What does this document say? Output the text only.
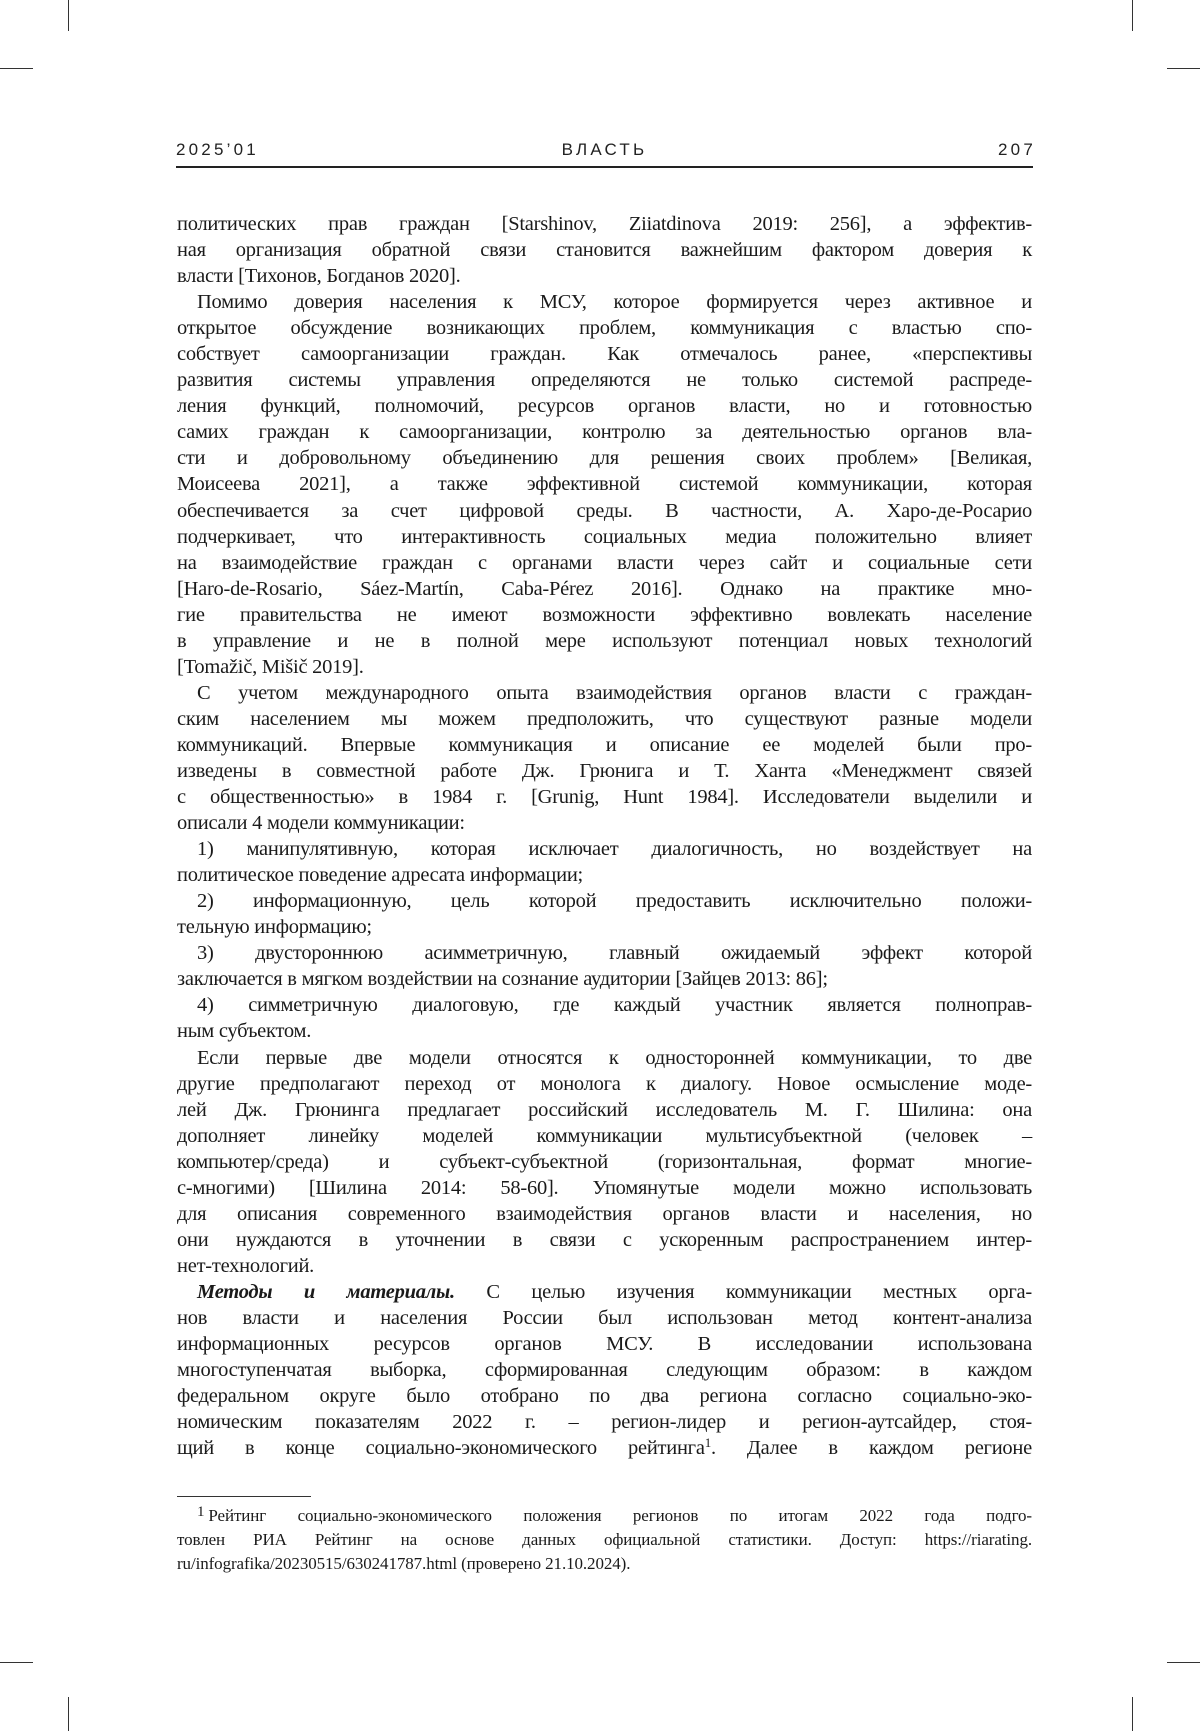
2025’01	ВЛАСТЬ	207
политических прав граждан [Starshinov, Ziiatdinova 2019: 256], а эффектив-
ная организация обратной связи становится важнейшим фактором доверия к
власти [Тихонов, Богданов 2020].
Помимо доверия населения к МСУ, которое формируется через активное и
открытое обсуждение возникающих проблем, коммуникация с властью спо-
собствует самоорганизации граждан. Как отмечалось ранее, «перспективы
развития системы управления определяются не только системой распреде-
ления функций, полномочий, ресурсов органов власти, но и готовностью
самих граждан к самоорганизации, контролю за деятельностью органов вла-
сти и добровольному объединению для решения своих проблем» [Великая,
Моисеева 2021], а также эффективной системой коммуникации, которая
обеспечивается за счет цифровой среды. В частности, А. Харо-де-Росарио
подчеркивает, что интерактивность социальных медиа положительно влияет
на взаимодействие граждан с органами власти через сайт и социальные сети
[Haro-de-Rosario, Sáez-Martín, Caba-Pérez 2016]. Однако на практике мно-
гие правительства не имеют возможности эффективно вовлекать население
в управление и не в полной мере используют потенциал новых технологий
[Tomažič, Mišič 2019].
С учетом международного опыта взаимодействия органов власти с граждан-
ским населением мы можем предположить, что существуют разные модели
коммуникаций. Впервые коммуникация и описание ее моделей были про-
изведены в совместной работе Дж. Грюнига и Т. Ханта «Менеджмент связей
с общественностью» в 1984 г. [Grunig, Hunt 1984]. Исследователи выделили и
описали 4 модели коммуникации:
1) манипулятивную, которая исключает диалогичность, но воздействует на
политическое поведение адресата информации;
2) информационную, цель которой предоставить исключительно положи-
тельную информацию;
3) двустороннюю асимметричную, главный ожидаемый эффект которой
заключается в мягком воздействии на сознание аудитории [Зайцев 2013: 86];
4) симметричную диалоговую, где каждый участник является полноправ-
ным субъектом.
Если первые две модели относятся к односторонней коммуникации, то две
другие предполагают переход от монолога к диалогу. Новое осмысление моде-
лей Дж. Грюнинга предлагает российский исследователь М. Г. Шилина: она
дополняет линейку моделей коммуникации мультисубъектной (человек –
компьютер/среда) и субъект-субъектной (горизонтальная, формат многие-
с-многими) [Шилина 2014: 58-60]. Упомянутые модели можно использовать
для описания современного взаимодействия органов власти и населения, но
они нуждаются в уточнении в связи с ускоренным распространением интер-
нет-технологий.
Методы и материалы. С целью изучения коммуникации местных орга-
нов власти и населения России был использован метод контент-анализа
информационных ресурсов органов МСУ. В исследовании использована
многоступенчатая выборка, сформированная следующим образом: в каждом
федеральном округе было отобрано по два региона согласно социально-эко-
номическим показателям 2022 г. – регион-лидер и регион-аутсайдер, стоя-
щий в конце социально-экономического рейтинга$^1$. Далее в каждом регионе
1 Рейтинг социально-экономического положения регионов по итогам 2022 года подго-
товлен РИА Рейтинг на основе данных официальной статистики. Доступ: https://riarating.
ru/infografika/20230515/630241787.html (проверено 21.10.2024).
